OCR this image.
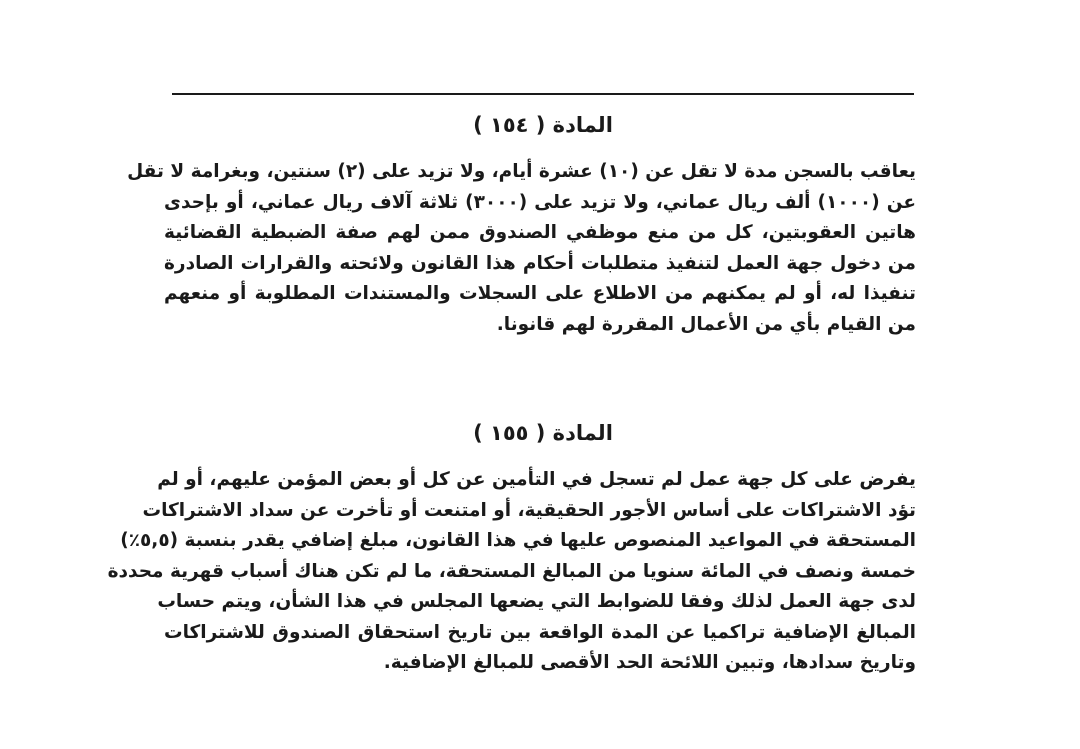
المادة ( ١٥٤ )

يعاقب بالسجن مدة لا تقل عن (١٠) عشرة أيام، ولا تزيد على (٢) سنتين، وبغرامة لا تقل
عن (١٠٠٠) ألف ريال عماني، ولا تزيد على (٣٠٠٠) ثلاثة آلاف ريال عماني، أو بإحدى
هاتين العقوبتين، كل من منع موظفي الصندوق ممن لهم صفة الضبطية القضائية
من دخول جهة العمل لتنفيذ متطلبات أحكام هذا القانون ولائحته والقرارات الصادرة
تنفيذا له، أو لم يمكنهم من الاطلاع على السجلات والمستندات المطلوبة أو منعهم
من القيام بأي من الأعمال المقررة لهم قانونا.

المادة ( ١٥٥ )

يفرض على كل جهة عمل لم تسجل في التأمين عن كل أو بعض المؤمن عليهم، أو لم
تؤد الاشتراكات على أساس الأجور الحقيقية، أو امتنعت أو تأخرت عن سداد الاشتراكات
المستحقة في المواعيد المنصوص عليها في هذا القانون، مبلغ إضافي يقدر بنسبة (٥,٥٪)
خمسة ونصف في المائة سنويا من المبالغ المستحقة، ما لم تكن هناك أسباب قهرية محددة
لدى جهة العمل لذلك وفقا للضوابط التي يضعها المجلس في هذا الشأن، ويتم حساب
المبالغ الإضافية تراكميا عن المدة الواقعة بين تاريخ استحقاق الصندوق للاشتراكات
وتاريخ سدادها، وتبين اللائحة الحد الأقصى للمبالغ الإضافية.
